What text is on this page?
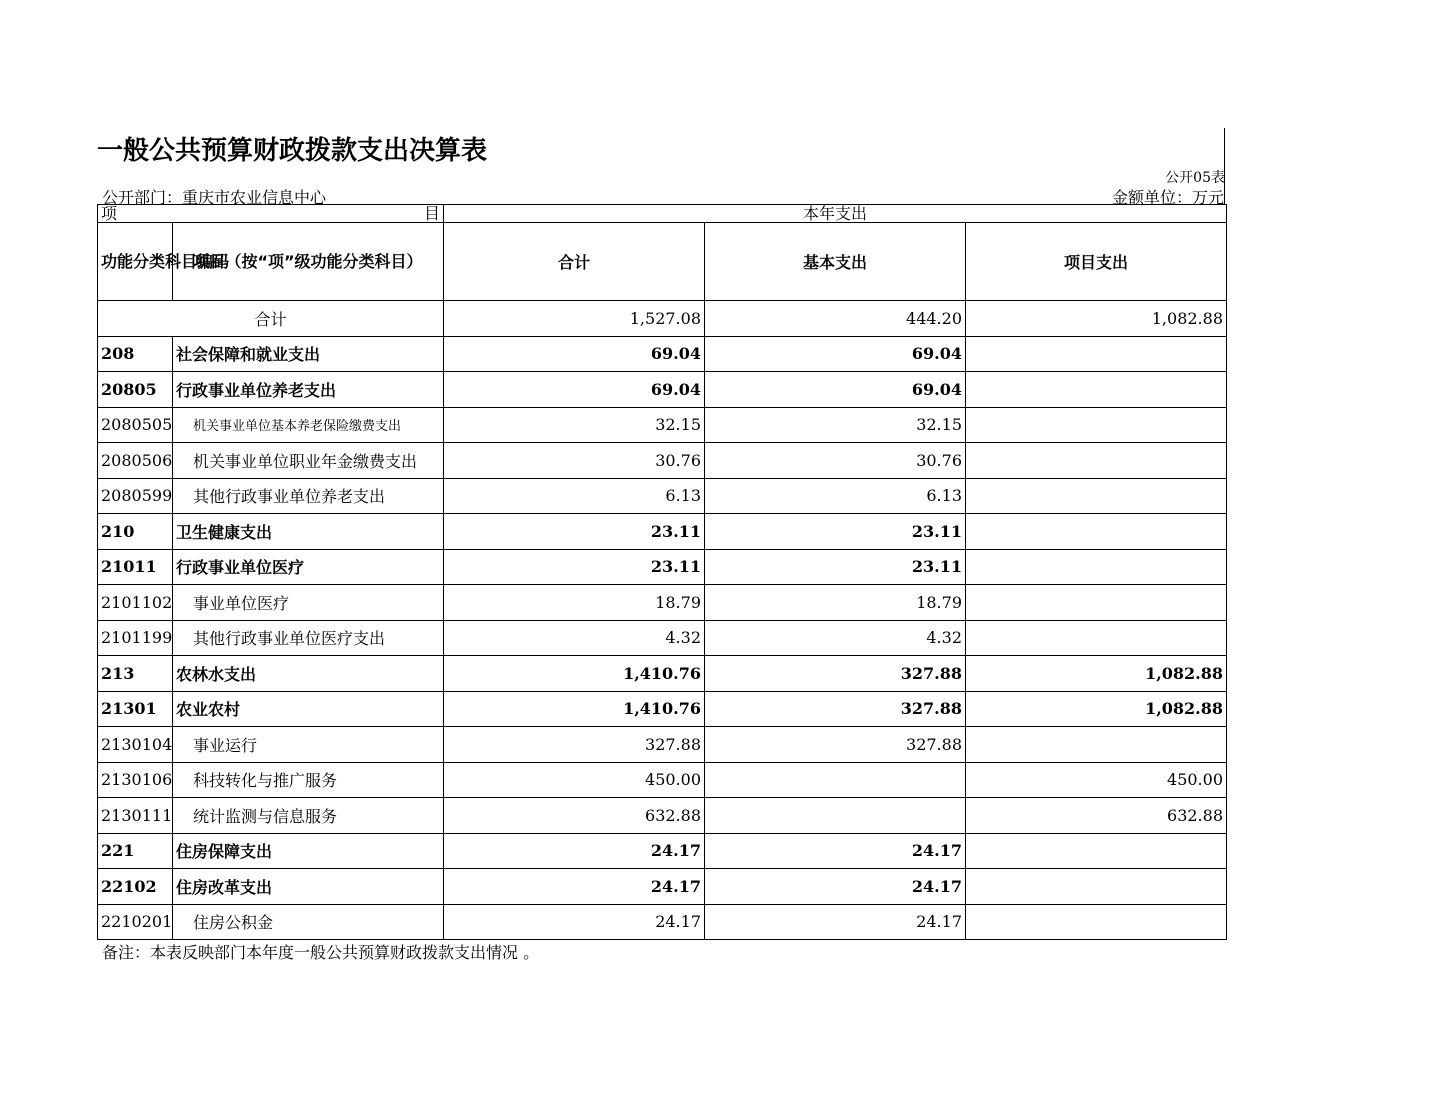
一般公共预算财政拨款支出决算表
公开05表
公开部门：重庆市农业信息中心	金额单位：万元
项 目		本年支出		
功能分类科目编码	项目（按“项”级功能分类科目）	合计	基本支出	项目支出
合计		1,527.08	444.20	1,082.88
208	社会保障和就业支出	69.04	69.04	
20805	行政事业单位养老支出	69.04	69.04	
2080505	机关事业单位基本养老保险缴费支出	32.15	32.15	
2080506	机关事业单位职业年金缴费支出	30.76	30.76	
2080599	其他行政事业单位养老支出	6.13	6.13	
210	卫生健康支出	23.11	23.11	
21011	行政事业单位医疗	23.11	23.11	
2101102	事业单位医疗	18.79	18.79	
2101199	其他行政事业单位医疗支出	4.32	4.32	
213	农林水支出	1,410.76	327.88	1,082.88
21301	农业农村	1,410.76	327.88	1,082.88
2130104	事业运行	327.88	327.88	
2130106	科技转化与推广服务	450.00		450.00
2130111	统计监测与信息服务	632.88		632.88
221	住房保障支出	24.17	24.17	
22102	住房改革支出	24.17	24.17	
2210201	住房公积金	24.17	24.17	
备注：本表反映部门本年度一般公共预算财政拨款支出情况 。
